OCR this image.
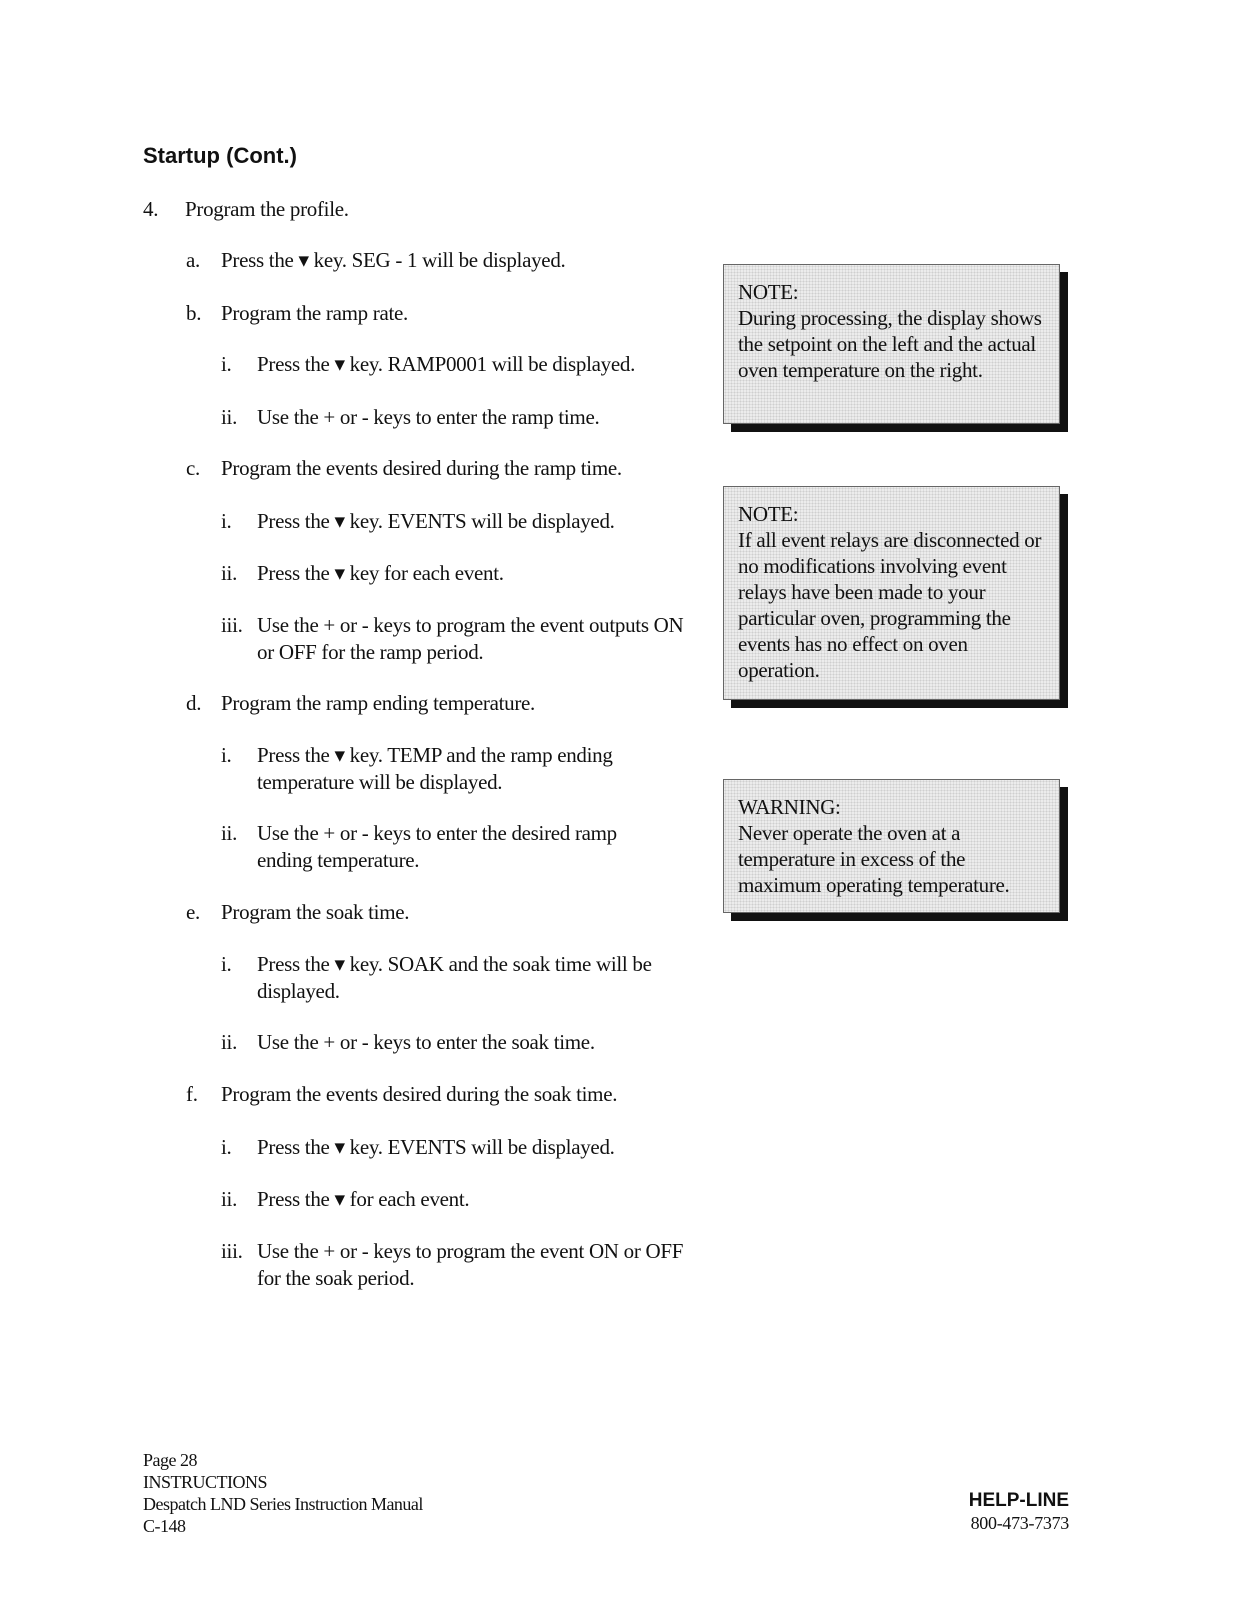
Startup (Cont.)
4. Program the profile.
a. Press the ▾ key. SEG - 1 will be displayed.
b. Program the ramp rate.
i. Press the ▾ key. RAMP0001 will be displayed.
ii. Use the + or - keys to enter the ramp time.
c. Program the events desired during the ramp time.
i. Press the ▾ key. EVENTS will be displayed.
ii. Press the ▾ key for each event.
iii. Use the + or - keys to program the event outputs ON or OFF for the ramp period.
d. Program the ramp ending temperature.
i. Press the ▾ key. TEMP and the ramp ending temperature will be displayed.
ii. Use the + or - keys to enter the desired ramp ending temperature.
e. Program the soak time.
i. Press the ▾ key. SOAK and the soak time will be displayed.
ii. Use the + or - keys to enter the soak time.
f. Program the events desired during the soak time.
i. Press the ▾ key. EVENTS will be displayed.
ii. Press the ▾ for each event.
iii. Use the + or - keys to program the event ON or OFF for the soak period.
NOTE:
During processing, the display shows the setpoint on the left and the actual oven temperature on the right.
NOTE:
If all event relays are disconnected or no modifications involving event relays have been made to your particular oven, programming the events has no effect on oven operation.
WARNING:
Never operate the oven at a temperature in excess of the maximum operating temperature.
Page 28
INSTRUCTIONS
Despatch LND Series Instruction Manual
C-148
HELP-LINE
800-473-7373
